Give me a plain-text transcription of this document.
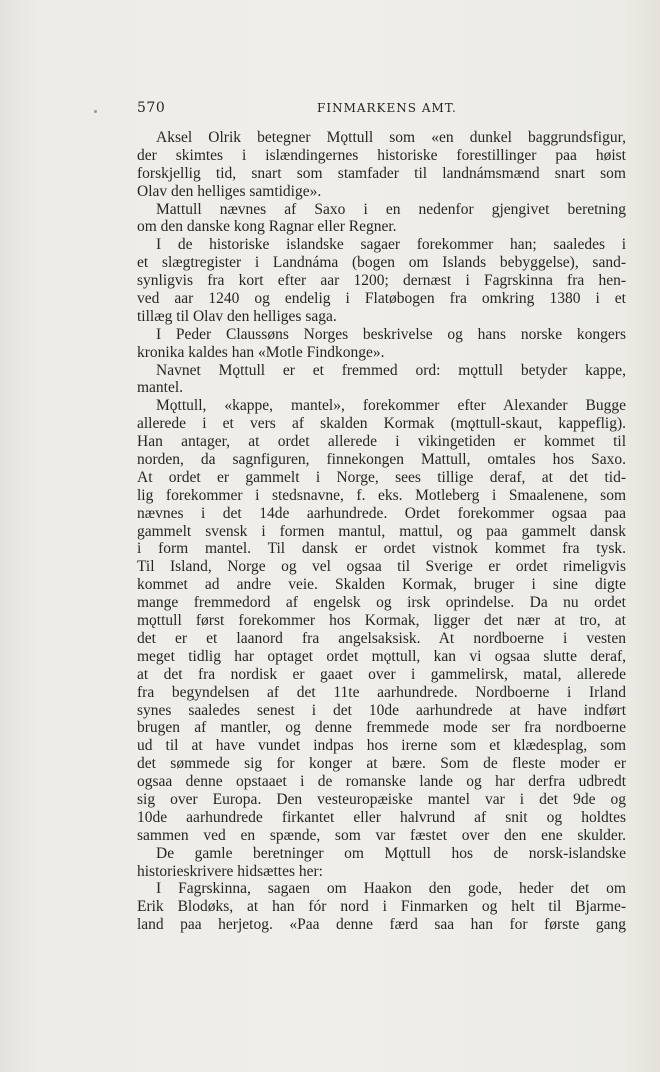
570	FINMARKENS AMT.
Aksel Olrik betegner Mǫttull som «en dunkel baggrundsfigur,
der skimtes i islændingernes historiske forestillinger paa høist
forskjellig tid, snart som stamfader til landnámsmænd snart som
Olav den helliges samtidige».
Mattull nævnes af Saxo i en nedenfor gjengivet beretning
om den danske kong Ragnar eller Regner.
I de historiske islandske sagaer forekommer han; saaledes i
et slægtregister i Landnáma (bogen om Islands bebyggelse), sand-
synligvis fra kort efter aar 1200; dernæst i Fagrskinna fra hen-
ved aar 1240 og endelig i Flatøbogen fra omkring 1380 i et
tillæg til Olav den helliges saga.
I Peder Claussøns Norges beskrivelse og hans norske kongers
kronika kaldes han «Motle Findkonge».
Navnet Mǫttull er et fremmed ord: mǫttull betyder kappe,
mantel.
Mǫttull, «kappe, mantel», forekommer efter Alexander Bugge
allerede i et vers af skalden Kormak (mǫttull-skaut, kappeflig).
Han antager, at ordet allerede i vikingetiden er kommet til
norden, da sagnfiguren, finnekongen Mattull, omtales hos Saxo.
At ordet er gammelt i Norge, sees tillige deraf, at det tid-
lig forekommer i stedsnavne, f. eks. Motleberg i Smaalenene, som
nævnes i det 14de aarhundrede. Ordet forekommer ogsaa paa
gammelt svensk i formen mantul, mattul, og paa gammelt dansk
i form mantel. Til dansk er ordet vistnok kommet fra tysk.
Til Island, Norge og vel ogsaa til Sverige er ordet rimeligvis
kommet ad andre veie. Skalden Kormak, bruger i sine digte
mange fremmedord af engelsk og irsk oprindelse. Da nu ordet
mǫttull først forekommer hos Kormak, ligger det nær at tro, at
det er et laanord fra angelsaksisk. At nordboerne i vesten
meget tidlig har optaget ordet mǫttull, kan vi ogsaa slutte deraf,
at det fra nordisk er gaaet over i gammelirsk, matal, allerede
fra begyndelsen af det 11te aarhundrede. Nordboerne i Irland
synes saaledes senest i det 10de aarhundrede at have indført
brugen af mantler, og denne fremmede mode ser fra nordboerne
ud til at have vundet indpas hos irerne som et klædesplag, som
det sømmede sig for konger at bære. Som de fleste moder er
ogsaa denne opstaaet i de romanske lande og har derfra udbredt
sig over Europa. Den vesteuropæiske mantel var i det 9de og
10de aarhundrede firkantet eller halvrund af snit og holdtes
sammen ved en spænde, som var fæstet over den ene skulder.
De gamle beretninger om Mǫttull hos de norsk-islandske
historieskrivere hidsættes her:
I Fagrskinna, sagaen om Haakon den gode, heder det om
Erik Blodøks, at han fór nord i Finmarken og helt til Bjarme-
land paa herjetog. «Paa denne færd saa han for første gang
